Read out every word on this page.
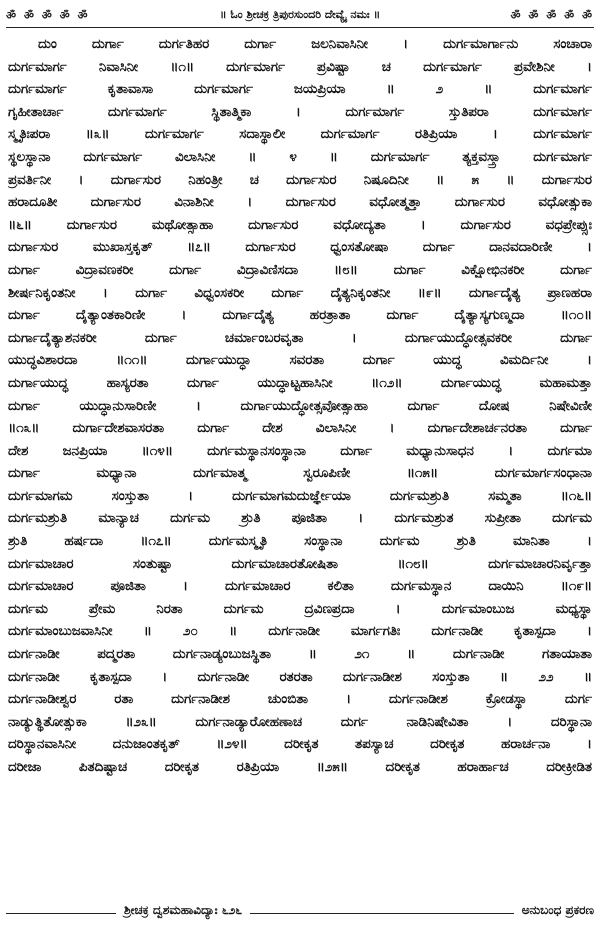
ॐ ॐ ॐ ॐ ॐ	॥ ಓಂ ಶ್ರೀಚಕ್ರ ತ್ರಿಪುರಸುಂದರಿ ದೇವ್ಯೈ ನಮಃ ॥	ॐ ॐ ॐ ॐ ॐ
ದುಂ ದುರ್ಗಾ ದುರ್ಗತಿಹರ ದುರ್ಗಾ ಜಲನಿವಾಸಿನೀ । ದುರ್ಗಮಾರ್ಗಾನು ಸಂಚಾರಾ
ದುರ್ಗಮಾರ್ಗ ನಿವಾಸಿನೀ ॥೧॥ ದುರ್ಗಮಾರ್ಗ ಪ್ರವಿಷ್ಟಾ ಚ ದುರ್ಗಮಾರ್ಗ ಪ್ರವೇಶಿನೀ ।
ದುರ್ಗಮಾರ್ಗ ಕೃತಾವಾಸಾ ದುರ್ಗಮಾರ್ಗ ಜಯಪ್ರಿಯಾ ॥ ೨ ॥ ದುರ್ಗಮಾರ್ಗ
ಗೃಹೀತಾರ್ಚಾ ದುರ್ಗಮಾರ್ಗ ಸ್ಥಿತಾತ್ಮಿಕಾ । ದುರ್ಗಮಾರ್ಗ ಸ್ತುತಿಪರಾ ದುರ್ಗಮಾರ್ಗ
ಸ್ಮೃತಿಃಪರಾ ॥೩॥ ದುರ್ಗಮಾರ್ಗ ಸದಾಸ್ಥಾಲೀ ದುರ್ಗಮಾರ್ಗ ರತಿಪ್ರಿಯಾ । ದುರ್ಗಮಾರ್ಗ
ಸ್ಥಲಸ್ಥಾನಾ ದುರ್ಗಮಾರ್ಗ ವಿಲಾಸಿನೀ ॥ ೪ ॥ ದುರ್ಗಮಾರ್ಗ ತ್ಯಕ್ತವಸ್ತ್ರಾ ದುರ್ಗಮಾರ್ಗ
ಪ್ರವರ್ತಿನೀ । ದುರ್ಗಾಸುರ ನಿಹಂತ್ರೀ ಚ ದುರ್ಗಾಸುರ ನಿಷೂದಿನೀ ॥ ೫ ॥ ದುರ್ಗಾಸುರ
ಹರಾದೂತೀ ದುರ್ಗಾಸುರ ವಿನಾಶಿನೀ । ದುರ್ಗಾಸುರ ವಧೋತ್ಮತ್ತಾ ದುರ್ಗಾಸುರ ವಧೋತ್ಸುಕಾ
॥೬॥ ದುರ್ಗಾಸುರ ಮಥೋತ್ಸಾಹಾ ದುರ್ಗಾಸುರ ವಧೋದ್ಯತಾ । ದುರ್ಗಾಸುರ ವಧಪ್ರೇಪ್ಸುಃ
ದುರ್ಗಾಸುರ ಮುಖಾಸ್ತಕೃತ್ ॥೭॥ ದುರ್ಗಾಸುರ ಧ್ವಂಸತೋಷಾ ದುರ್ಗಾ ದಾನವದಾರಿಣೀ ।
ದುರ್ಗಾ ವಿದ್ರಾವಣಕರೀ ದುರ್ಗಾ ವಿದ್ರಾವಿಣಿಸದಾ ॥೮॥ ದುರ್ಗಾ ವಿಕ್ಷೋಭಿನಕರೀ ದುರ್ಗಾ
ಶೀರ್ಷನಿಕೃಂತನೀ । ದುರ್ಗಾ ವಿಧ್ವಂಸಕರೀ ದುರ್ಗಾ ದೈತ್ಯನಿಕೃಂತನೀ ॥೯॥ ದುರ್ಗಾದೈತ್ಯ ಪ್ರಾಣಹರಾ
ದುರ್ಗಾ ದೈತ್ಯಾಂತಕಾರಿಣೀ । ದುರ್ಗಾದೈತ್ಯ ಹರತ್ರಾತಾ ದುರ್ಗಾ ದೈತ್ಯಾಸ್ಯಗುಣ್ಮದಾ ॥೧೦॥
ದುರ್ಗಾದೈತ್ಯಾಶನಕರೀ ದುರ್ಗಾ ಚರ್ಮಾಂಬರವೃತಾ । ದುರ್ಗಾಯುದ್ಧೋತ್ಸವಕರೀ ದುರ್ಗಾ
ಯುದ್ಧವಿಶಾರದಾ ॥೧೧॥ ದುರ್ಗಾಯುದ್ಧಾ ಸವರತಾ ದುರ್ಗಾ ಯುದ್ಧ ವಿಮರ್ದಿನೀ ।
ದುರ್ಗಾಯುದ್ಧ ಹಾಸ್ಯರತಾ ದುರ್ಗಾ ಯುದ್ಧಾಟ್ಟಹಾಸಿನೀ ॥೧೨॥ ದುರ್ಗಾಯುದ್ಧ ಮಹಾಮತ್ತಾ
ದುರ್ಗಾ ಯುದ್ಧಾನುಸಾರಿಣೀ । ದುರ್ಗಾಯುದ್ಧೋತ್ಸವೋತ್ಸಾಹಾ ದುರ್ಗಾ ದೋಷ ನಿಷೇವಿಣೀ
॥೧೩॥ ದುರ್ಗಾದೇಶವಾಸರತಾ ದುರ್ಗಾ ದೇಶ ವಿಲಾಸಿನೀ । ದುರ್ಗಾದೇಶಾರ್ಚನರತಾ ದುರ್ಗಾ
ದೇಶ ಜನಪ್ರಿಯಾ ॥೧೪॥ ದುರ್ಗಮಸ್ಥಾನಸಂಸ್ಥಾನಾ ದುರ್ಗಾ ಮಧ್ಯಾನುಸಾಧನ । ದುರ್ಗಮಾ
ದುರ್ಗಾ ಮಧ್ಯಾನಾ ದುರ್ಗಮಾತ್ಮ ಸ್ವರೂಪಿಣೀ ॥೧೫॥ ದುರ್ಗಮಾರ್ಗಸಂಧಾನಾ
ದುರ್ಗಮಾಗಮ ಸಂಸ್ತುತಾ । ದುರ್ಗಮಾಗಮದುರ್ಜ್ಞೇಯಾ ದುರ್ಗಮಶ್ರುತಿ ಸಮ್ಮತಾ ॥೧೬॥
ದುರ್ಗಮಶ್ರುತಿ ಮಾನ್ಯಾಚ ದುರ್ಗಮ ಶ್ರುತಿ ಪೂಜಿತಾ । ದುರ್ಗಮಶ್ರುತ ಸುಪ್ರೀತಾ ದುರ್ಗಮ
ಶ್ರುತಿ ಹರ್ಷದಾ ॥೧೭॥ ದುರ್ಗಮಸ್ಮೃತಿ ಸಂಸ್ಥಾನಾ ದುರ್ಗಮ ಶ್ರುತಿ ಮಾನಿತಾ ।
ದುರ್ಗಮಾಚಾರ ಸಂತುಷ್ಟಾ ದುರ್ಗಮಾಚಾರತೋಷಿತಾ ॥೧೮॥ ದುರ್ಗಮಾಚಾರನಿರ್ವೃತ್ತಾ
ದುರ್ಗಮಾಚಾರ ಪೂಜಿತಾ । ದುರ್ಗಮಾಚಾರ ಕಲಿತಾ ದುರ್ಗಮಸ್ಥಾನ ದಾಯಿನಿ ॥೧೯॥
ದುರ್ಗಮ ಪ್ರೇಮ ನಿರತಾ ದುರ್ಗಮ ದ್ರವಿಣಪ್ರದಾ । ದುರ್ಗಮಾಂಬುಜ ಮಧ್ಯಸ್ಥಾ
ದುರ್ಗಮಾಂಬುಜವಾಸಿನೀ ॥ ೨೦ ॥ ದುರ್ಗನಾಡೀ ಮಾರ್ಗಗತಿಃ ದುರ್ಗನಾಡೀ ಕೃತಾಸ್ಪದಾ ।
ದುರ್ಗನಾಡೀ ಪದ್ಮರತಾ ದುರ್ಗನಾಡ್ಯಂಬುಜಸ್ಥಿತಾ ॥ ೨೧ ॥ ದುರ್ಗನಾಡೀ ಗತಾಯಾತಾ
ದುರ್ಗನಾಡೀ ಕೃತಾಸ್ಪದಾ । ದುರ್ಗನಾಡೀ ರತರತಾ ದುರ್ಗನಾಡೀಶ ಸಂಸ್ತುತಾ ॥ ೨೨ ॥
ದುರ್ಗನಾಡೀಶ್ವರ ರತಾ ದುರ್ಗನಾಡೀಶ ಚುಂಬಿತಾ । ದುರ್ಗನಾಡೀಶ ಕ್ರೋಡಸ್ಥಾ ದುರ್ಗ
ನಾಡ್ಯುತ್ಥಿತೋತ್ಸುಕಾ ॥೨೩॥ ದುರ್ಗನಾಡ್ಯಾರೋಹಣಾಚ ದುರ್ಗ ನಾಡಿನಿಷೇವಿತಾ । ದರಿಸ್ಥಾನಾ
ದರಿಸ್ಥಾನವಾಸಿನೀ ದನುಜಾಂತಕೃತ್ ॥೨೪॥ ದರೀಕೃತ ತಪಸ್ಯಾಚ ದರೀಕೃತ ಹರಾರ್ಚನಾ ।
ದರೀಜಾ ಪಿತದಿಷ್ಟಾಚ ದರೀಕೃತ ರತಿಪ್ರಿಯಾ ॥೨೫॥ ದರೀಕೃತ ಹರಾರ್ಹಾಚ ದರೀಕ್ರೀಡಿತ
ಶ್ರೀಚಕ್ರ ದ್ವಶಮಹಾವಿದ್ಯಾಃ ೬೨೬	ಅನುಬಂಧ ಪ್ರಕರಣ
